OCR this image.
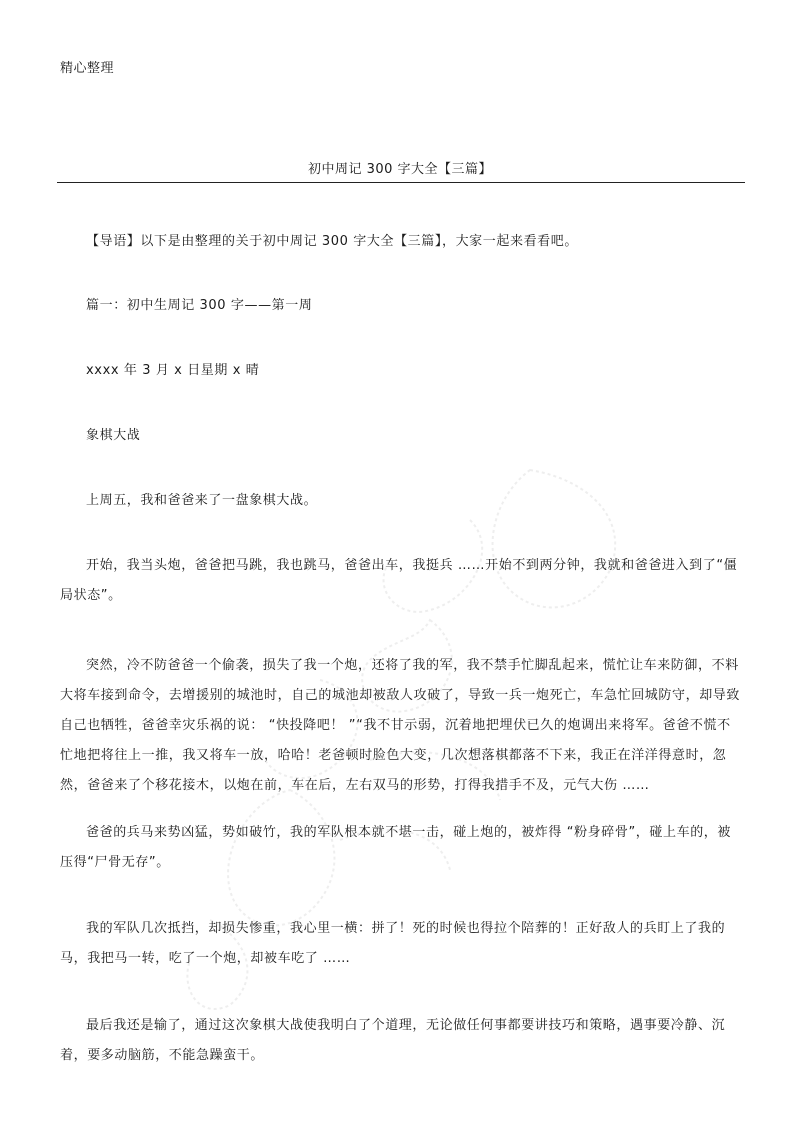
精心整理
初中周记 300 字大全【三篇】

【导语】以下是由整理的关于初中周记 300 字大全【三篇】，大家一起来看看吧。

篇一：初中生周记 300 字——第一周

xxxx 年 3 月 x 日星期 x 晴

象棋大战

上周五，我和爸爸来了一盘象棋大战。

开始，我当头炮，爸爸把马跳，我也跳马，爸爸出车，我挺兵 ……开始不到两分钟，我就和爸爸进入到了“僵局状态”。

突然，冷不防爸爸一个偷袭，损失了我一个炮，还将了我的军，我不禁手忙脚乱起来，慌忙让车来防御，不料大将车接到命令，去增援别的城池时，自己的城池却被敌人攻破了，导致一兵一炮死亡，车急忙回城防守，却导致自己也牺牲，爸爸幸灾乐祸的说： “快投降吧！ ”“我不甘示弱，沉着地把埋伏已久的炮调出来将军。爸爸不慌不忙地把将往上一推，我又将车一放，哈哈！老爸顿时脸色大变，几次想落棋都落不下来，我正在洋洋得意时，忽然，爸爸来了个移花接木，以炮在前，车在后，左右双马的形势，打得我措手不及，元气大伤 ……

爸爸的兵马来势凶猛，势如破竹，我的军队根本就不堪一击，碰上炮的，被炸得 “粉身碎骨”，碰上车的，被压得“尸骨无存”。

我的军队几次抵挡，却损失惨重，我心里一横：拼了！死的时候也得拉个陪葬的！正好敌人的兵盯上了我的马，我把马一转，吃了一个炮，却被车吃了 ……

最后我还是输了，通过这次象棋大战使我明白了个道理，无论做任何事都要讲技巧和策略，遇事要冷静、沉着，要多动脑筋，不能急躁蛮干。
